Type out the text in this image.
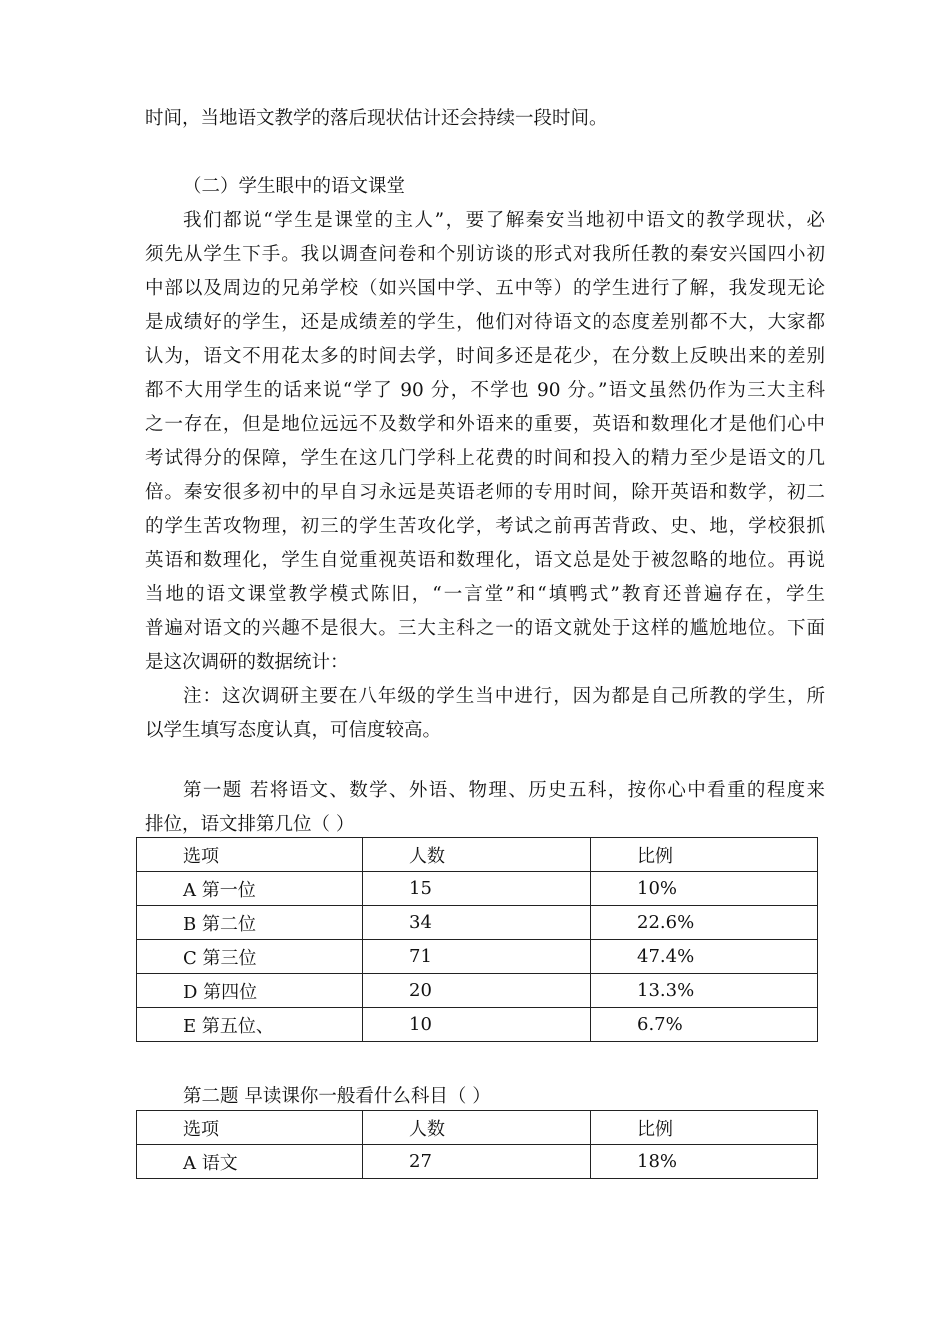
时间，当地语文教学的落后现状估计还会持续一段时间。
（二）学生眼中的语文课堂
我们都说“学生是课堂的主人”，要了解秦安当地初中语文的教学现状，必
须先从学生下手。我以调查问卷和个别访谈的形式对我所任教的秦安兴国四小初
中部以及周边的兄弟学校（如兴国中学、五中等）的学生进行了解，我发现无论
是成绩好的学生，还是成绩差的学生，他们对待语文的态度差别都不大，大家都
认为，语文不用花太多的时间去学，时间多还是花少，在分数上反映出来的差别
都不大用学生的话来说“学了 90 分，不学也 90 分。”语文虽然仍作为三大主科
之一存在，但是地位远远不及数学和外语来的重要，英语和数理化才是他们心中
考试得分的保障，学生在这几门学科上花费的时间和投入的精力至少是语文的几
倍。秦安很多初中的早自习永远是英语老师的专用时间，除开英语和数学，初二
的学生苦攻物理，初三的学生苦攻化学，考试之前再苦背政、史、地，学校狠抓
英语和数理化，学生自觉重视英语和数理化，语文总是处于被忽略的地位。再说
当地的语文课堂教学模式陈旧，“一言堂”和“填鸭式”教育还普遍存在，学生
普遍对语文的兴趣不是很大。三大主科之一的语文就处于这样的尴尬地位。下面
是这次调研的数据统计：
注：这次调研主要在八年级的学生当中进行，因为都是自己所教的学生，所
以学生填写态度认真，可信度较高。
第一题 若将语文、数学、外语、物理、历史五科，按你心中看重的程度来
排位，语文排第几位（ ）
选项	人数	比例
A 第一位	15	10%
B 第二位	34	22.6%
C 第三位	71	47.4%
D 第四位	20	13.3%
E 第五位、	10	6.7%
第二题 早读课你一般看什么科目（ ）
选项	人数	比例
A 语文	27	18%
